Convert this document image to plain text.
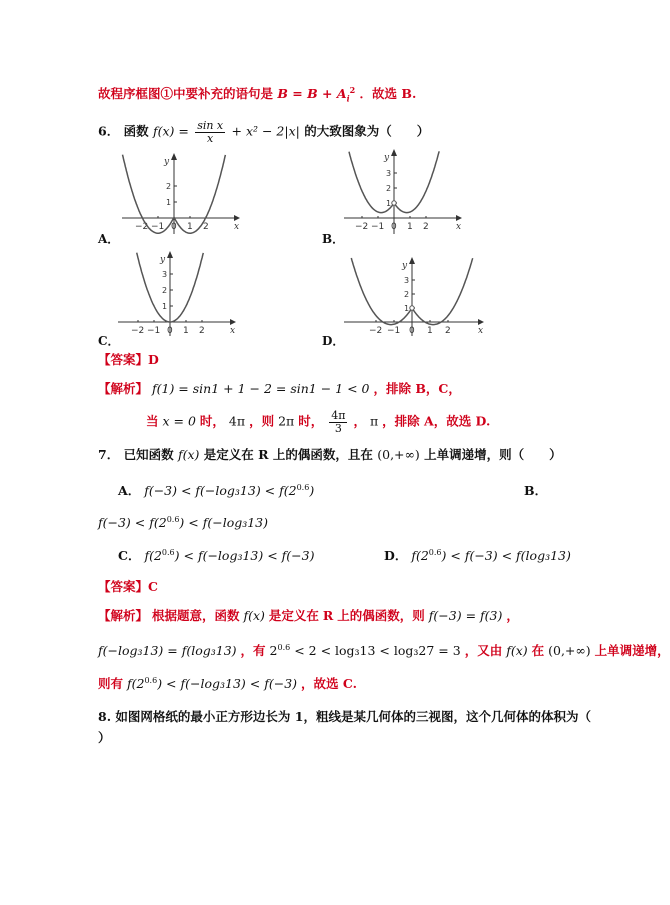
故程序框图①中要补充的语句是 $B = B + A_i^2$ ．故选 B.
6． 函数 $f(x) = \frac{\text{sin x}}{x} + x^2 - 2|x|$ 的大致图象为（　　）
x
y
−2 −1 0 1 2
2
1
A．
x
y
−2 −1 0 1 2
3
2
1
B．
x
y
−2 −1 0 1 2
3
2
1
C．
x
y
−2 −1 0 1 2
3
2
1
D．
【答案】D
【解析】 f(1) = sin1 + 1 − 2 = sin1 − 1 < 0 ，排除 B，C，
当 x = 0 时， 4π ，则 2π 时， $\frac{4\pi}{3}$ ， π ，排除 A，故选 D.
7． 已知函数 f(x) 是定义在 R 上的偶函数，且在 (0,+∞) 上单调递增，则（　　）
A． $f(-3) < f(-\log_313) < f(2^{0.6})$	B．
$f(-3) < f(2^{0.6}) < f(-\log_313)$
C． $f(2^{0.6}) < f(-\log_313) < f(-3)$	D． $f(2^{0.6}) < f(-3) < f(\log_313)$
【答案】C
【解析】 根据题意，函数 f(x) 是定义在 R 上的偶函数，则 f(−3) = f(3) ，
f(−log₃13) = f(log₃13) ，有 $2^{0.6} < 2 < \log_313 < \log_327 = 3$ ，又由 f(x) 在 (0,+∞) 上单调递增，
则有 $f(2^{0.6}) < f(-\log_313) < f(-3)$ ，故选 C.
8. 如图网格纸的最小正方形边长为 1，粗线是某几何体的三视图，这个几何体的体积为（
）
